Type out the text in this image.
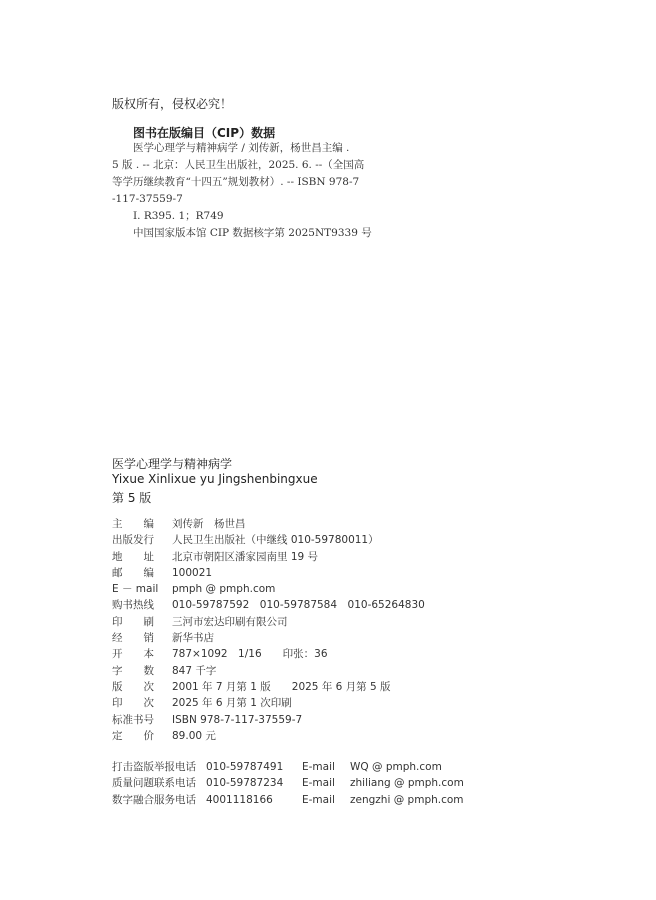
版权所有，侵权必究！
图书在版编目（CIP）数据
医学心理学与精神病学 / 刘传新，杨世昌主编 .
5 版 . -- 北京：人民卫生出版社，2025. 6. --（全国高
等学历继续教育“十四五”规划教材）. -- ISBN 978-7
-117-37559-7
Ⅰ. R395. 1；R749
中国国家版本馆 CIP 数据核字第 2025NT9339 号
医学心理学与精神病学
Yixue Xinlixue yu Jingshenbingxue
第 5 版
主　　编 刘传新　杨世昌
出版发行 人民卫生出版社（中继线 010-59780011）
地　　址 北京市朝阳区潘家园南里 19 号
邮　　编 100021
E － mail pmph @ pmph.com
购书热线 010-59787592　010-59787584　010-65264830
印　　刷 三河市宏达印刷有限公司
经　　销 新华书店
开　　本 787×1092　1/16　　印张：36
字　　数 847 千字
版　　次 2001 年 7 月第 1 版　　2025 年 6 月第 5 版
印　　次 2025 年 6 月第 1 次印刷
标准书号 ISBN 978-7-117-37559-7
定　　价 89.00 元
打击盗版举报电话 010-59787491 E-mail WQ @ pmph.com
质量问题联系电话 010-59787234 E-mail zhiliang @ pmph.com
数字融合服务电话 4001118166	E-mail zengzhi @ pmph.com
